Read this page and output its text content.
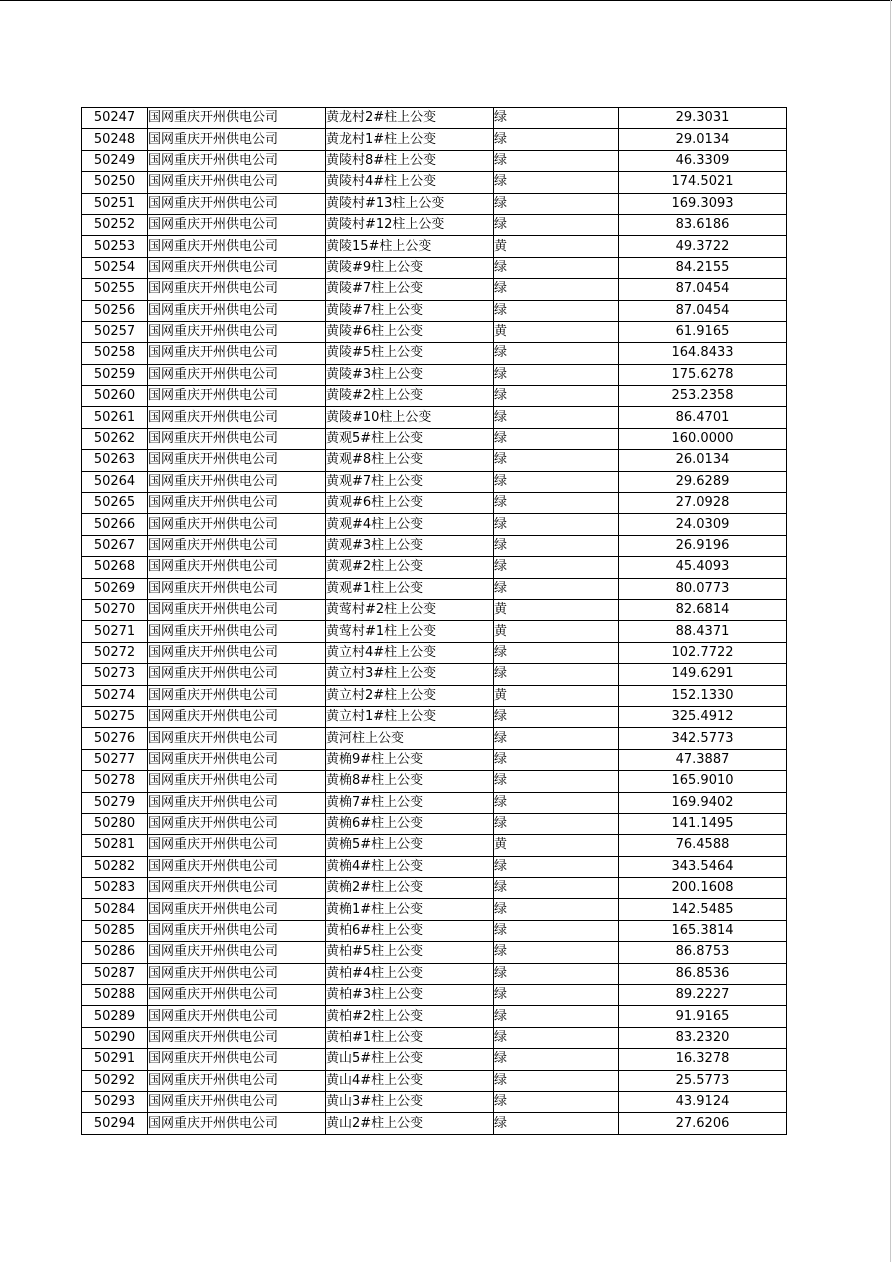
50247	国网重庆开州供电公司	黄龙村2#柱上公变	绿	29.3031
50248	国网重庆开州供电公司	黄龙村1#柱上公变	绿	29.0134
50249	国网重庆开州供电公司	黄陵村8#柱上公变	绿	46.3309
50250	国网重庆开州供电公司	黄陵村4#柱上公变	绿	174.5021
50251	国网重庆开州供电公司	黄陵村#13柱上公变	绿	169.3093
50252	国网重庆开州供电公司	黄陵村#12柱上公变	绿	83.6186
50253	国网重庆开州供电公司	黄陵15#柱上公变	黄	49.3722
50254	国网重庆开州供电公司	黄陵#9柱上公变	绿	84.2155
50255	国网重庆开州供电公司	黄陵#7柱上公变	绿	87.0454
50256	国网重庆开州供电公司	黄陵#7柱上公变	绿	87.0454
50257	国网重庆开州供电公司	黄陵#6柱上公变	黄	61.9165
50258	国网重庆开州供电公司	黄陵#5柱上公变	绿	164.8433
50259	国网重庆开州供电公司	黄陵#3柱上公变	绿	175.6278
50260	国网重庆开州供电公司	黄陵#2柱上公变	绿	253.2358
50261	国网重庆开州供电公司	黄陵#10柱上公变	绿	86.4701
50262	国网重庆开州供电公司	黄观5#柱上公变	绿	160.0000
50263	国网重庆开州供电公司	黄观#8柱上公变	绿	26.0134
50264	国网重庆开州供电公司	黄观#7柱上公变	绿	29.6289
50265	国网重庆开州供电公司	黄观#6柱上公变	绿	27.0928
50266	国网重庆开州供电公司	黄观#4柱上公变	绿	24.0309
50267	国网重庆开州供电公司	黄观#3柱上公变	绿	26.9196
50268	国网重庆开州供电公司	黄观#2柱上公变	绿	45.4093
50269	国网重庆开州供电公司	黄观#1柱上公变	绿	80.0773
50270	国网重庆开州供电公司	黄莺村#2柱上公变	黄	82.6814
50271	国网重庆开州供电公司	黄莺村#1柱上公变	黄	88.4371
50272	国网重庆开州供电公司	黄立村4#柱上公变	绿	102.7722
50273	国网重庆开州供电公司	黄立村3#柱上公变	绿	149.6291
50274	国网重庆开州供电公司	黄立村2#柱上公变	黄	152.1330
50275	国网重庆开州供电公司	黄立村1#柱上公变	绿	325.4912
50276	国网重庆开州供电公司	黄河柱上公变	绿	342.5773
50277	国网重庆开州供电公司	黄桷9#柱上公变	绿	47.3887
50278	国网重庆开州供电公司	黄桷8#柱上公变	绿	165.9010
50279	国网重庆开州供电公司	黄桷7#柱上公变	绿	169.9402
50280	国网重庆开州供电公司	黄桷6#柱上公变	绿	141.1495
50281	国网重庆开州供电公司	黄桷5#柱上公变	黄	76.4588
50282	国网重庆开州供电公司	黄桷4#柱上公变	绿	343.5464
50283	国网重庆开州供电公司	黄桷2#柱上公变	绿	200.1608
50284	国网重庆开州供电公司	黄桷1#柱上公变	绿	142.5485
50285	国网重庆开州供电公司	黄柏6#柱上公变	绿	165.3814
50286	国网重庆开州供电公司	黄柏#5柱上公变	绿	86.8753
50287	国网重庆开州供电公司	黄柏#4柱上公变	绿	86.8536
50288	国网重庆开州供电公司	黄柏#3柱上公变	绿	89.2227
50289	国网重庆开州供电公司	黄柏#2柱上公变	绿	91.9165
50290	国网重庆开州供电公司	黄柏#1柱上公变	绿	83.2320
50291	国网重庆开州供电公司	黄山5#柱上公变	绿	16.3278
50292	国网重庆开州供电公司	黄山4#柱上公变	绿	25.5773
50293	国网重庆开州供电公司	黄山3#柱上公变	绿	43.9124
50294	国网重庆开州供电公司	黄山2#柱上公变	绿	27.6206
